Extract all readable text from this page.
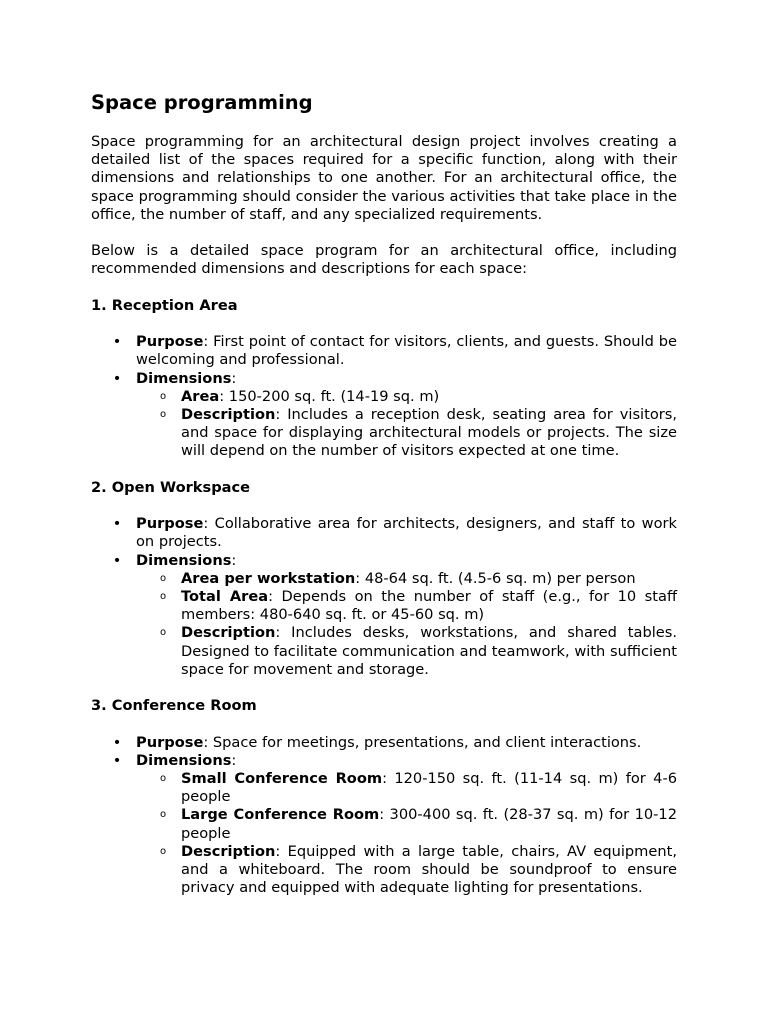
Space programming

Space programming for an architectural design project involves creating a detailed list of the spaces required for a specific function, along with their dimensions and relationships to one another. For an architectural office, the space programming should consider the various activities that take place in the office, the number of staff, and any specialized requirements.

Below is a detailed space program for an architectural office, including recommended dimensions and descriptions for each space:

1. Reception Area
• Purpose: First point of contact for visitors, clients, and guests. Should be welcoming and professional.
• Dimensions:
o Area: 150-200 sq. ft. (14-19 sq. m)
o Description: Includes a reception desk, seating area for visitors, and space for displaying architectural models or projects. The size will depend on the number of visitors expected at one time.
2. Open Workspace
• Purpose: Collaborative area for architects, designers, and staff to work on projects.
• Dimensions:
o Area per workstation: 48-64 sq. ft. (4.5-6 sq. m) per person
o Total Area: Depends on the number of staff (e.g., for 10 staff members: 480-640 sq. ft. or 45-60 sq. m)
o Description: Includes desks, workstations, and shared tables. Designed to facilitate communication and teamwork, with sufficient space for movement and storage.
3. Conference Room
• Purpose: Space for meetings, presentations, and client interactions.
• Dimensions:
o Small Conference Room: 120-150 sq. ft. (11-14 sq. m) for 4-6 people
o Large Conference Room: 300-400 sq. ft. (28-37 sq. m) for 10-12 people
o Description: Equipped with a large table, chairs, AV equipment, and a whiteboard. The room should be soundproof to ensure privacy and equipped with adequate lighting for presentations.
